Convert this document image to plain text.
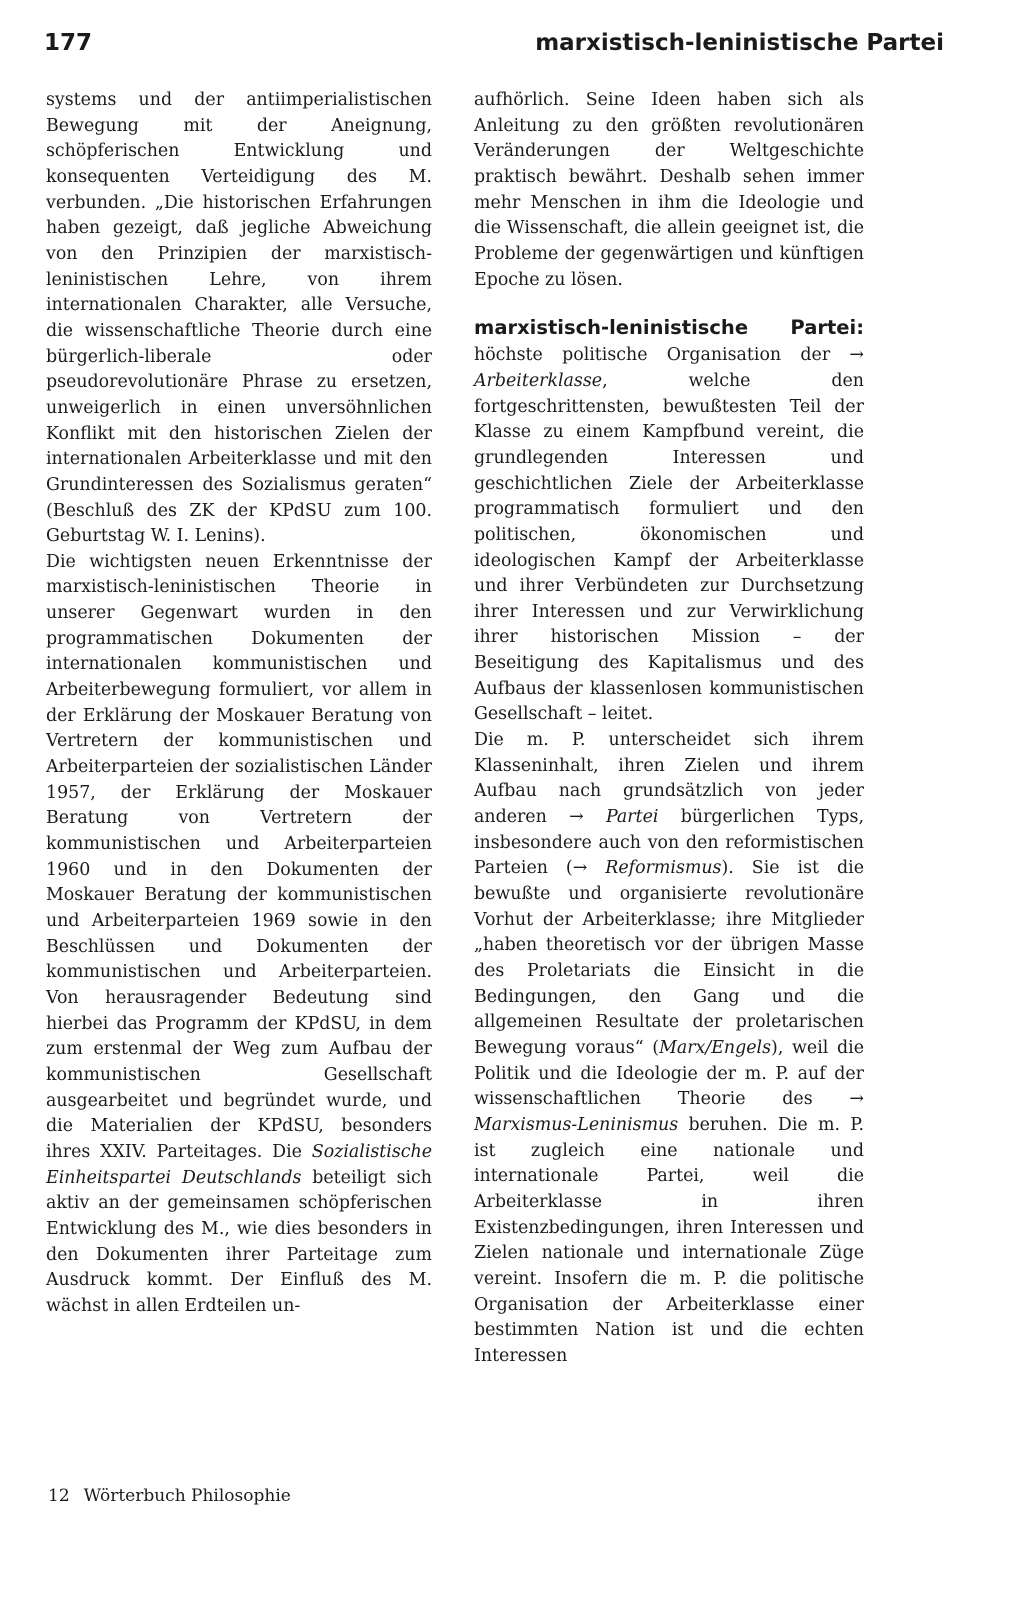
177	marxistisch-leninistische Partei

systems und der antiimperialistischen Bewegung mit der Aneignung, schöpferischen Entwicklung und konsequenten Verteidigung des M. verbunden. „Die historischen Erfahrungen haben gezeigt, daß jegliche Abweichung von den Prinzipien der marxistisch-leninistischen Lehre, von ihrem internationalen Charakter, alle Versuche, die wissenschaftliche Theorie durch eine bürgerlich-liberale oder pseudorevolutionäre Phrase zu ersetzen, unweigerlich in einen unversöhnlichen Konflikt mit den historischen Zielen der internationalen Arbeiterklasse und mit den Grundinteressen des Sozialismus geraten“ (Beschluß des ZK der KPdSU zum 100. Geburtstag W. I. Lenins).

Die wichtigsten neuen Erkenntnisse der marxistisch-leninistischen Theorie in unserer Gegenwart wurden in den programmatischen Dokumenten der internationalen kommunistischen und Arbeiterbewegung formuliert, vor allem in der Erklärung der Moskauer Beratung von Vertretern der kommunistischen und Arbeiterparteien der sozialistischen Länder 1957, der Erklärung der Moskauer Beratung von Vertretern der kommunistischen und Arbeiterparteien 1960 und in den Dokumenten der Moskauer Beratung der kommunistischen und Arbeiterparteien 1969 sowie in den Beschlüssen und Dokumenten der kommunistischen und Arbeiterparteien. Von herausragender Bedeutung sind hierbei das Programm der KPdSU, in dem zum erstenmal der Weg zum Aufbau der kommunistischen Gesellschaft ausgearbeitet und begründet wurde, und die Materialien der KPdSU, besonders ihres XXIV. Parteitages. Die Sozialistische Einheitspartei Deutschlands beteiligt sich aktiv an der gemeinsamen schöpferischen Entwicklung des M., wie dies besonders in den Dokumenten ihrer Parteitage zum Ausdruck kommt. Der Einfluß des M. wächst in allen Erdteilen un-

aufhörlich. Seine Ideen haben sich als Anleitung zu den größten revolutionären Veränderungen der Weltgeschichte praktisch bewährt. Deshalb sehen immer mehr Menschen in ihm die Ideologie und die Wissenschaft, die allein geeignet ist, die Probleme der gegenwärtigen und künftigen Epoche zu lösen.

marxistisch-leninistische Partei:

höchste politische Organisation der → Arbeiterklasse, welche den fortgeschrittensten, bewußtesten Teil der Klasse zu einem Kampfbund vereint, die grundlegenden Interessen und geschichtlichen Ziele der Arbeiterklasse programmatisch formuliert und den politischen, ökonomischen und ideologischen Kampf der Arbeiterklasse und ihrer Verbündeten zur Durchsetzung ihrer Interessen und zur Verwirklichung ihrer historischen Mission – der Beseitigung des Kapitalismus und des Aufbaus der klassenlosen kommunistischen Gesellschaft – leitet.

Die m. P. unterscheidet sich ihrem Klasseninhalt, ihren Zielen und ihrem Aufbau nach grundsätzlich von jeder anderen → Partei bürgerlichen Typs, insbesondere auch von den reformistischen Parteien (→ Reformismus). Sie ist die bewußte und organisierte revolutionäre Vorhut der Arbeiterklasse; ihre Mitglieder „haben theoretisch vor der übrigen Masse des Proletariats die Einsicht in die Bedingungen, den Gang und die allgemeinen Resultate der proletarischen Bewegung voraus“ (Marx/Engels), weil die Politik und die Ideologie der m. P. auf der wissenschaftlichen Theorie des → Marxismus-Leninismus beruhen. Die m. P. ist zugleich eine nationale und internationale Partei, weil die Arbeiterklasse in ihren Existenzbedingungen, ihren Interessen und Zielen nationale und internationale Züge vereint. Insofern die m. P. die politische Organisation der Arbeiterklasse einer bestimmten Nation ist und die echten Interessen

12 Wörterbuch Philosophie
